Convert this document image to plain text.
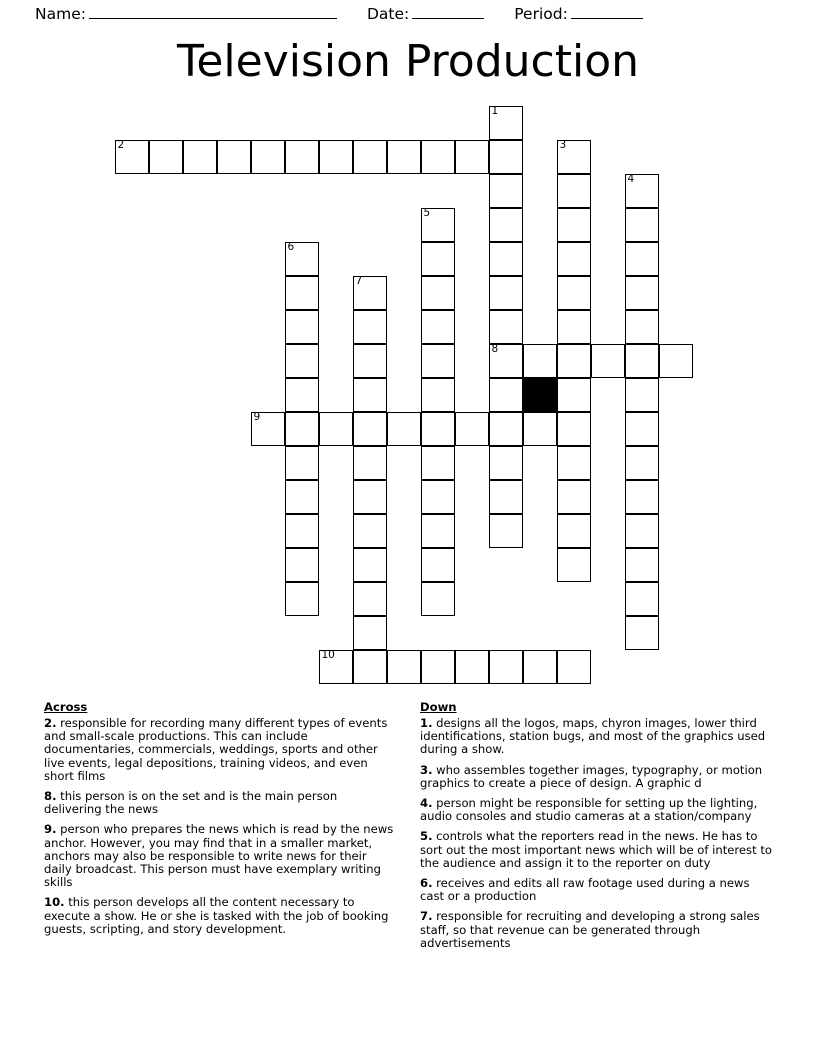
Name:	Date:	Period:
Television Production
1
2	3
4
5
6
7
8
9
10
Across
2. responsible for recording many different types of events and small-scale productions. This can include documentaries, commercials, weddings, sports and other live events, legal depositions, training videos, and even short films
8. this person is on the set and is the main person delivering the news
9. person who prepares the news which is read by the news anchor. However, you may find that in a smaller market, anchors may also be responsible to write news for their daily broadcast. This person must have exemplary writing skills
10. this person develops all the content necessary to execute a show. He or she is tasked with the job of booking guests, scripting, and story development.
Down
1. designs all the logos, maps, chyron images, lower third identifications, station bugs, and most of the graphics used during a show.
3. who assembles together images, typography, or motion graphics to create a piece of design. A graphic d
4. person might be responsible for setting up the lighting, audio consoles and studio cameras at a station/company
5. controls what the reporters read in the news. He has to sort out the most important news which will be of interest to the audience and assign it to the reporter on duty
6. receives and edits all raw footage used during a news cast or a production
7. responsible for recruiting and developing a strong sales staff, so that revenue can be generated through advertisements
